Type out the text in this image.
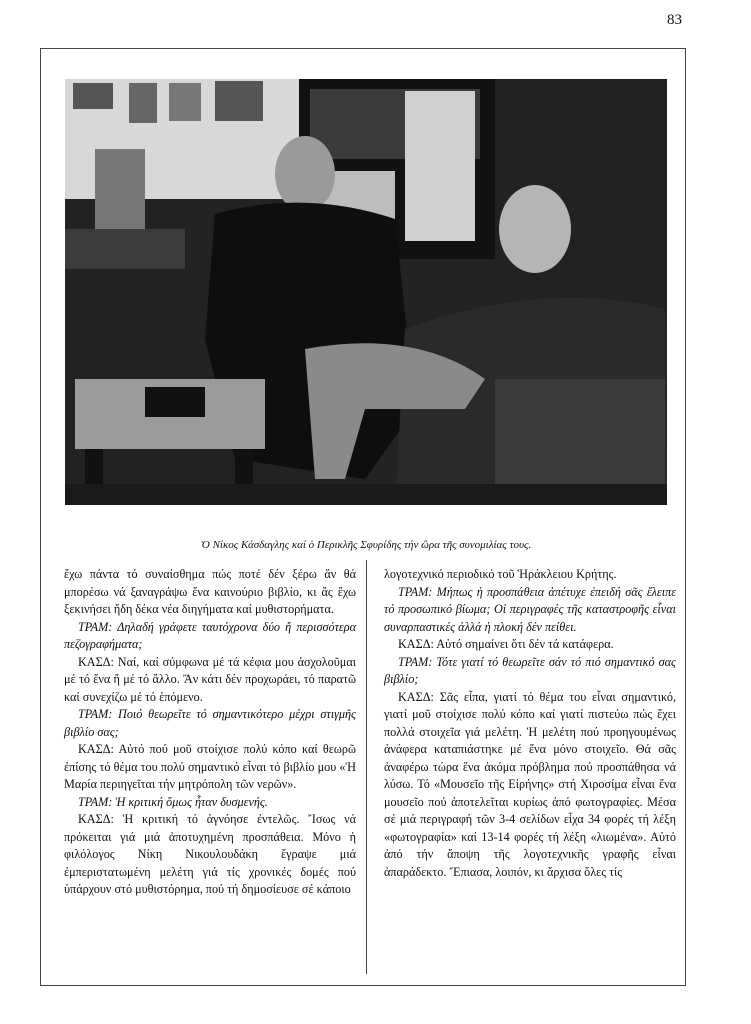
83
Ὁ Νίκος Κάσδαγλης καί ὁ Περικλῆς Σφυρίδης τήν ὥρα τῆς συνομιλίας τους.

ἔχω πάντα τό συναίσθημα πώς ποτέ δέν ξέρω ἄν θά μπορέσω νά ξαναγράψω ἕνα καινούριο βιβλίο, κι ἄς ἔχω ξεκινήσει ἤδη δέκα νέα διηγήματα καί μυθιστορήματα.

ΤΡΑΜ: Δηλαδή γράφετε ταυτόχρονα δύο ἤ περισσότερα πεζογραφήματα;

ΚΑΣΔ: Ναί, καί σύμφωνα μέ τά κέφια μου ἀσχολοῦμαι μέ τό ἕνα ἤ μέ τό ἄλλο. Ἄν κάτι δέν προχωράει, τό παρατῶ καί συνεχίζω μέ τό ἑπόμενο.

ΤΡΑΜ: Ποιό θεωρεῖτε τό σημαντικότερο μέχρι στιγμῆς βιβλίο σας;

ΚΑΣΔ: Αὐτό πού μοῦ στοίχισε πολύ κόπο καί θεωρῶ ἐπίσης τό θέμα του πολύ σημαντικό εἶναι τό βιβλίο μου «Ἡ Μαρία περιηγεῖται τήν μητρόπολη τῶν νερῶν».

ΤΡΑΜ: Ἡ κριτική ὅμως ἦταν δυσμενής.

ΚΑΣΔ: Ἡ κριτική τό ἀγνόησε ἐντελῶς. Ἴσως νά πρόκειται γιά μιά ἀποτυχημένη προσπάθεια. Μόνο ἡ φιλόλογος Νίκη Νικουλουδάκη ἔγραψε μιά ἐμπεριστατωμένη μελέτη γιά τίς χρονικές δομές πού ὑπάρχουν στό μυθιστόρημα, πού τή δημοσίευσε σέ κάποιο

λογοτεχνικό περιοδικό τοῦ Ἡράκλειου Κρήτης.

ΤΡΑΜ: Μήπως ἡ προσπάθεια ἀπέτυχε ἐπειδή σᾶς ἔλειπε τό προσωπικό βίωμα; Οἱ περιγραφές τῆς καταστροφῆς εἶναι συναρπαστικές ἀλλά ἡ πλοκή δέν πείθει.

ΚΑΣΔ: Αὐτό σημαίνει ὅτι δέν τά κατάφερα.

ΤΡΑΜ: Τότε γιατί τό θεωρεῖτε σάν τό πιό σημαντικό σας βιβλίο;

ΚΑΣΔ: Σᾶς εἶπα, γιατί τό θέμα του εἶναι σημαντικό, γιατί μοῦ στοίχισε πολύ κόπο καί γιατί πιστεύω πώς ἔχει πολλά στοιχεῖα γιά μελέτη. Ἡ μελέτη πού προηγουμένως ἀνάφερα καταπιάστηκε μέ ἕνα μόνο στοιχεῖο. Θά σᾶς ἀναφέρω τώρα ἕνα ἀκόμα πρόβλημα πού προσπάθησα νά λύσω. Τό «Μουσεῖο τῆς Εἰρήνης» στή Χιροσίμα εἶναι ἕνα μουσεῖο πού ἀποτελεῖται κυρίως ἀπό φωτογραφίες. Μέσα σέ μιά περιγραφή τῶν 3-4 σελίδων εἶχα 34 φορές τή λέξη «φωτογραφία» καί 13-14 φορές τή λέξη «λιωμένα». Αὐτό ἀπό τήν ἄποψη τῆς λογοτεχνικῆς γραφῆς εἶναι ἀπαράδεκτο. Ἔπιασα, λοιπόν, κι ἄρχισα ὅλες τίς
